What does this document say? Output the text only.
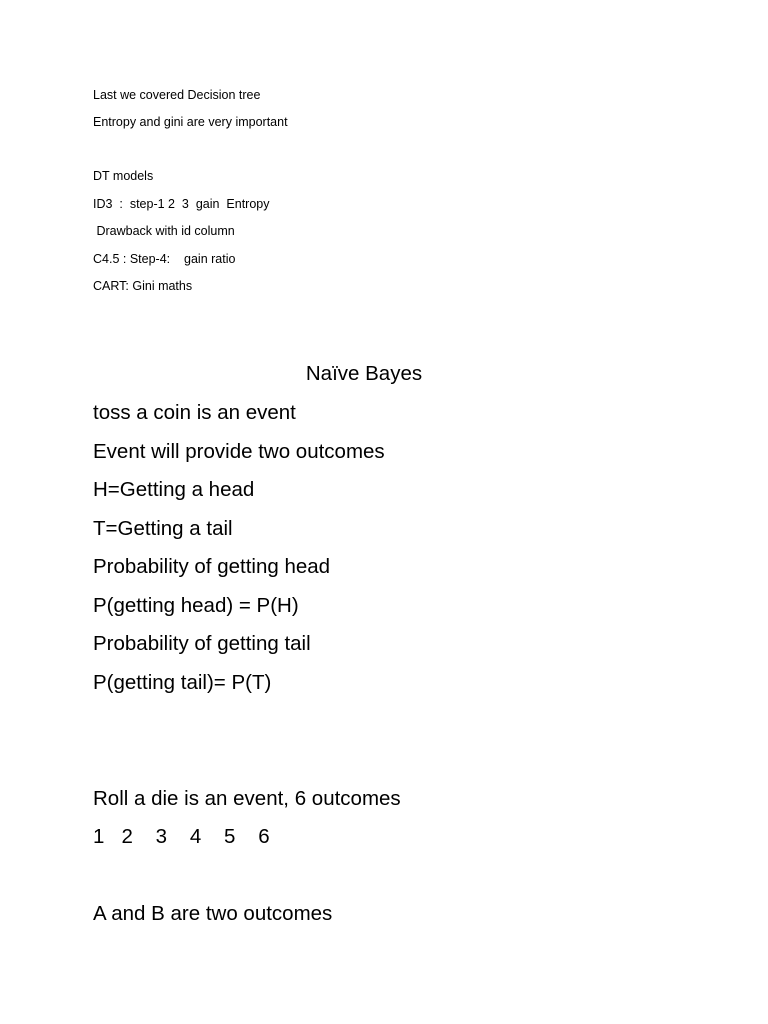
Last we covered Decision tree
Entropy and gini are very important
DT models
ID3  :  step-1 2  3  gain  Entropy
Drawback with id column
C4.5 : Step-4:    gain ratio
CART: Gini maths
Naïve Bayes
toss a coin is an event
Event will provide two outcomes
H=Getting a head
T=Getting a tail
Probability of getting head
P(getting head) = P(H)
Probability of getting tail
P(getting tail)= P(T)
Roll a die is an event, 6 outcomes
1   2    3    4    5    6
A and B are two outcomes
